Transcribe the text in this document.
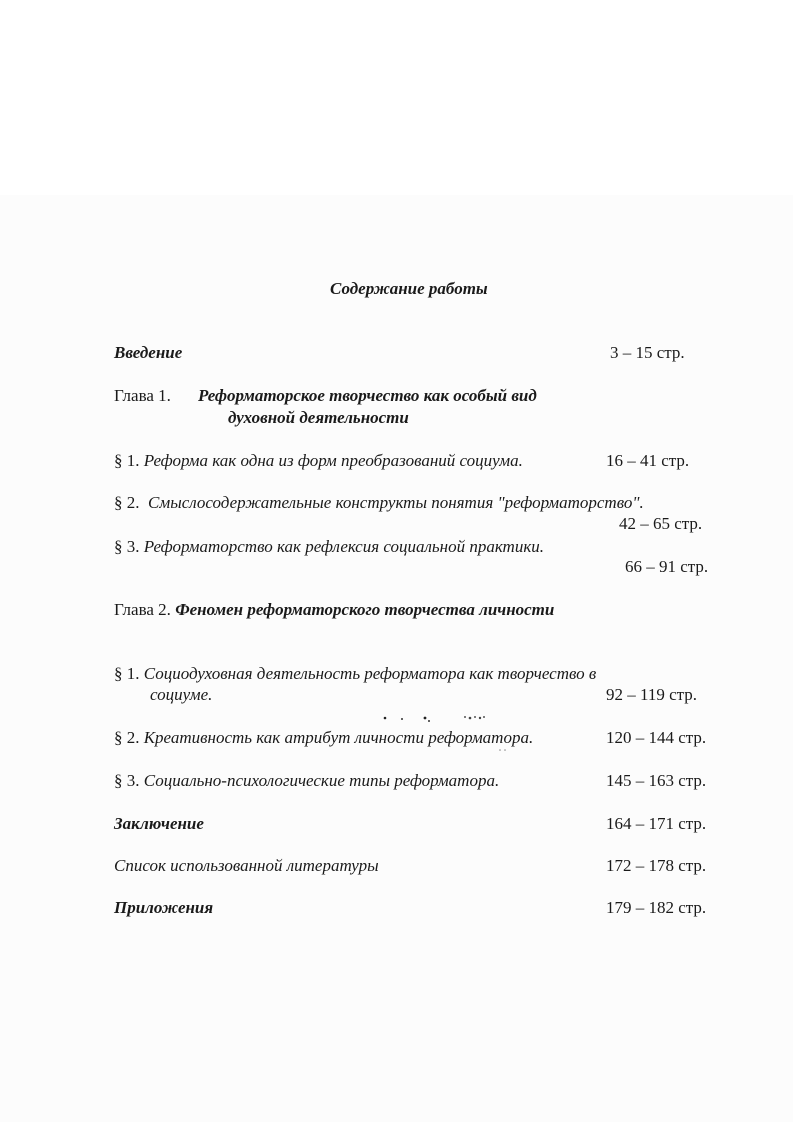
Содержание работы
Введение	3 – 15 стр.
Глава 1. Реформаторское творчество как особый вид
духовной деятельности
§ 1. Реформа как одна из форм преобразований социума.	16 – 41 стр.
§ 2. Смыслосодержательные конструкты понятия "реформаторство".
42 – 65 стр.
§ 3. Реформаторство как рефлексия социальной практики.
66 – 91 стр.
Глава 2. Феномен реформаторского творчества личности
§ 1. Социодуховная деятельность реформатора как творчество в
социуме.	92 – 119 стр.
§ 2. Креативность как атрибут личности реформатора.	120 – 144 стр.
§ 3. Социально-психологические типы реформатора.	145 – 163 стр.
Заключение	164 – 171 стр.
Список использованной литературы	172 – 178 стр.
Приложения	179 – 182 стр.
